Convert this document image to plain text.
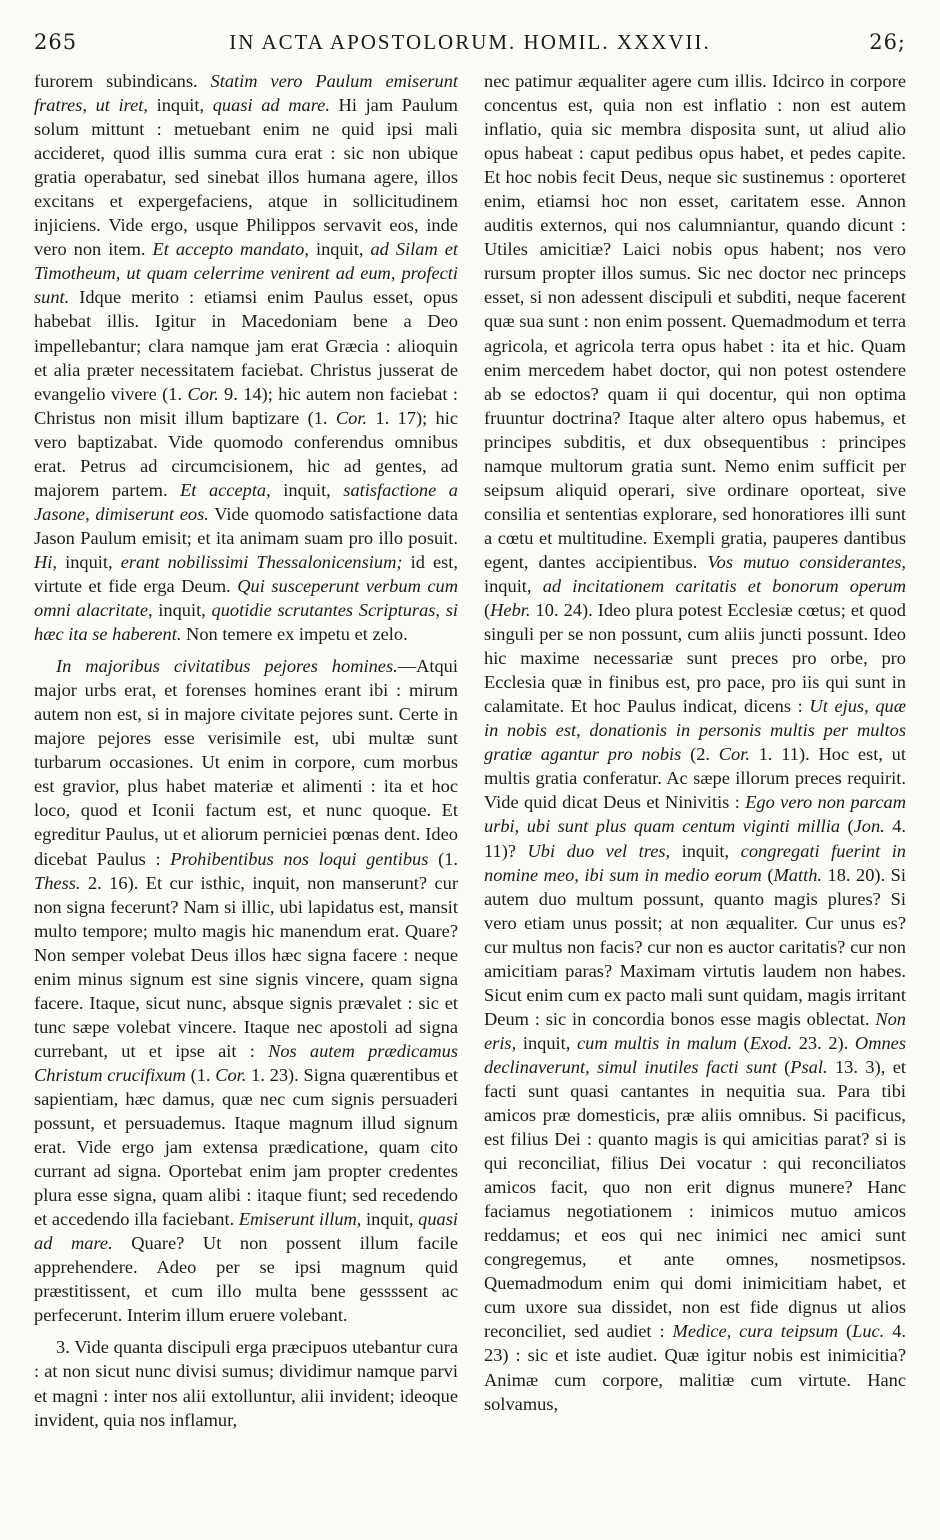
265	IN ACTA APOSTOLORUM. HOMIL. XXXVII.	26;

furorem subindicans. Statim vero Paulum emiserunt fratres, ut iret, inquit, quasi ad mare. Hi jam Paulum solum mittunt : metuebant enim ne quid ipsi mali accideret, quod illis summa cura erat : sic non ubique gratia operabatur, sed sinebat illos humana agere, illos excitans et expergefaciens, atque in sollicitudinem injiciens. Vide ergo, usque Philippos servavit eos, inde vero non item. Et accepto mandato, inquit, ad Silam et Timotheum, ut quam celerrime venirent ad eum, profecti sunt. Idque merito : etiamsi enim Paulus esset, opus habebat illis. Igitur in Macedoniam bene a Deo impellebantur; clara namque jam erat Græcia : alioquin et alia præter necessitatem faciebat. Christus jusserat de evangelio vivere (1. Cor. 9. 14); hic autem non faciebat : Christus non misit illum baptizare (1. Cor. 1. 17); hic vero baptizabat. Vide quomodo conferendus omnibus erat. Petrus ad circumcisionem, hic ad gentes, ad majorem partem. Et accepta, inquit, satisfactione a Jasone, dimiserunt eos. Vide quomodo satisfactione data Jason Paulum emisit; et ita animam suam pro illo posuit. Hi, inquit, erant nobilissimi Thessalonicensium; id est, virtute et fide erga Deum. Qui susceperunt verbum cum omni alacritate, inquit, quotidie scrutantes Scripturas, si hæc ita se haberent. Non temere ex impetu et zelo.

In majoribus civitatibus pejores homines.—Atqui major urbs erat, et forenses homines erant ibi : mirum autem non est, si in majore civitate pejores sunt. Certe in majore pejores esse verisimile est, ubi multæ sunt turbarum occasiones. Ut enim in corpore, cum morbus est gravior, plus habet materiæ et alimenti : ita et hoc loco, quod et Iconii factum est, et nunc quoque. Et egreditur Paulus, ut et aliorum pernicieі pœnas dent. Ideo dicebat Paulus : Prohibentibus nos loqui gentibus (1. Thess. 2. 16). Et cur isthic, inquit, non manserunt? cur non signa fecerunt? Nam si illic, ubi lapidatus est, mansit multo tempore; multo magis hic manendum erat. Quare? Non semper volebat Deus illos hæc signa facere : neque enim minus signum est sine signis vincere, quam signa facere. Itaque, sicut nunc, absque signis prævalet : sic et tunc sæpe volebat vincere. Itaque nec apostoli ad signa currebant, ut et ipse ait : Nos autem prædicamus Christum crucifixum (1. Cor. 1. 23). Signa quærentibus et sapientiam, hæc damus, quæ nec cum signis persuaderi possunt, et persuademus. Itaque magnum illud signum erat. Vide ergo jam extensa prædicatione, quam cito currant ad signa. Oportebat enim jam propter credentes plura esse signa, quam alibi : itaque fiunt; sed recedendo et accedendo illa faciebant. Emiserunt illum, inquit, quasi ad mare. Quare? Ut non possent illum facile apprehendere. Adeo per se ipsi magnum quid præstitissent, et cum illo multa bene gessssent ac perfecerunt. Interim illum eruere volebant.

3. Vide quanta discipuli erga præcipuos utebantur cura : at non sicut nunc divisi sumus; dividimur namque parvi et magni : inter nos alii extolluntur, alii invident; ideoque invident, quia nos inflamur,

nec patimur æqualiter agere cum illis. Idcirco in corpore concentus est, quia non est inflatio : non est autem inflatio, quia sic membra disposita sunt, ut aliud alio opus habeat : caput pedibus opus habet, et pedes capite. Et hoc nobis fecit Deus, neque sic sustinemus : oporteret enim, etiamsi hoc non esset, caritatem esse. Annon auditis externos, qui nos calumniantur, quando dicunt : Utiles amicitiæ? Laici nobis opus habent; nos vero rursum propter illos sumus. Sic nec doctor nec princeps esset, si non adessent discipuli et subditi, neque facerent quæ sua sunt : non enim possent. Quemadmodum et terra agricola, et agricola terra opus habet : ita et hic. Quam enim mercedem habet doctor, qui non potest ostendere ab se edoctos? quam ii qui docentur, qui non optima fruuntur doctrina? Itaque alter altero opus habemus, et principes subditis, et dux obsequentibus : principes namque multorum gratia sunt. Nemo enim sufficit per seipsum aliquid operari, sive ordinare oporteat, sive consilia et sententias explorare, sed honoratiores illi sunt a cœtu et multitudine. Exempli gratia, pauperes dantibus egent, dantes accipientibus. Vos mutuo considerantes, inquit, ad incitationem caritatis et bonorum operum (Hebr. 10. 24). Ideo plura potest Ecclesiæ cœtus; et quod singuli per se non possunt, cum aliis juncti possunt. Ideo hic maxime necessariæ sunt preces pro orbe, pro Ecclesia quæ in finibus est, pro pace, pro iis qui sunt in calamitate. Et hoc Paulus indicat, dicens : Ut ejus, quæ in nobis est, donationis in personis multis per multos gratiæ agantur pro nobis (2. Cor. 1. 11). Hoc est, ut multis gratia conferatur. Ac sæpe illorum preces requirit. Vide quid dicat Deus et Ninivitis : Ego vero non parcam urbi, ubi sunt plus quam centum viginti millia (Jon. 4. 11)? Ubi duo vel tres, inquit, congregati fuerint in nomine meo, ibi sum in medio eorum (Matth. 18. 20). Si autem duo multum possunt, quanto magis plures? Si vero etiam unus possit; at non æqualiter. Cur unus es? cur multus non facis? cur non es auctor caritatis? cur non amicitiam paras? Maximam virtutis laudem non habes. Sicut enim cum ex pacto mali sunt quidam, magis irritant Deum : sic in concordia bonos esse magis oblectat. Non eris, inquit, cum multis in malum (Exod. 23. 2). Omnes declinaverunt, simul inutiles facti sunt (Psal. 13. 3), et facti sunt quasi cantantes in nequitia sua. Para tibi amicos præ domesticis, præ aliis omnibus. Si pacificus, est filius Dei : quanto magis is qui amicitias parat? si is qui reconciliat, filius Dei vocatur : qui reconciliatos amicos facit, quo non erit dignus munere? Hanc faciamus negotiationem : inimicos mutuo amicos reddamus; et eos qui nec inimici nec amici sunt congregemus, et ante omnes, nosmetipsos. Quemadmodum enim qui domi inimicitiam habet, et cum uxore sua dissidet, non est fide dignus ut alios reconciliet, sed audiet : Medice, cura teipsum (Luc. 4. 23) : sic et iste audiet. Quæ igitur nobis est inimicitia? Animæ cum corpore, malitiæ cum virtute. Hanc solvamus,
